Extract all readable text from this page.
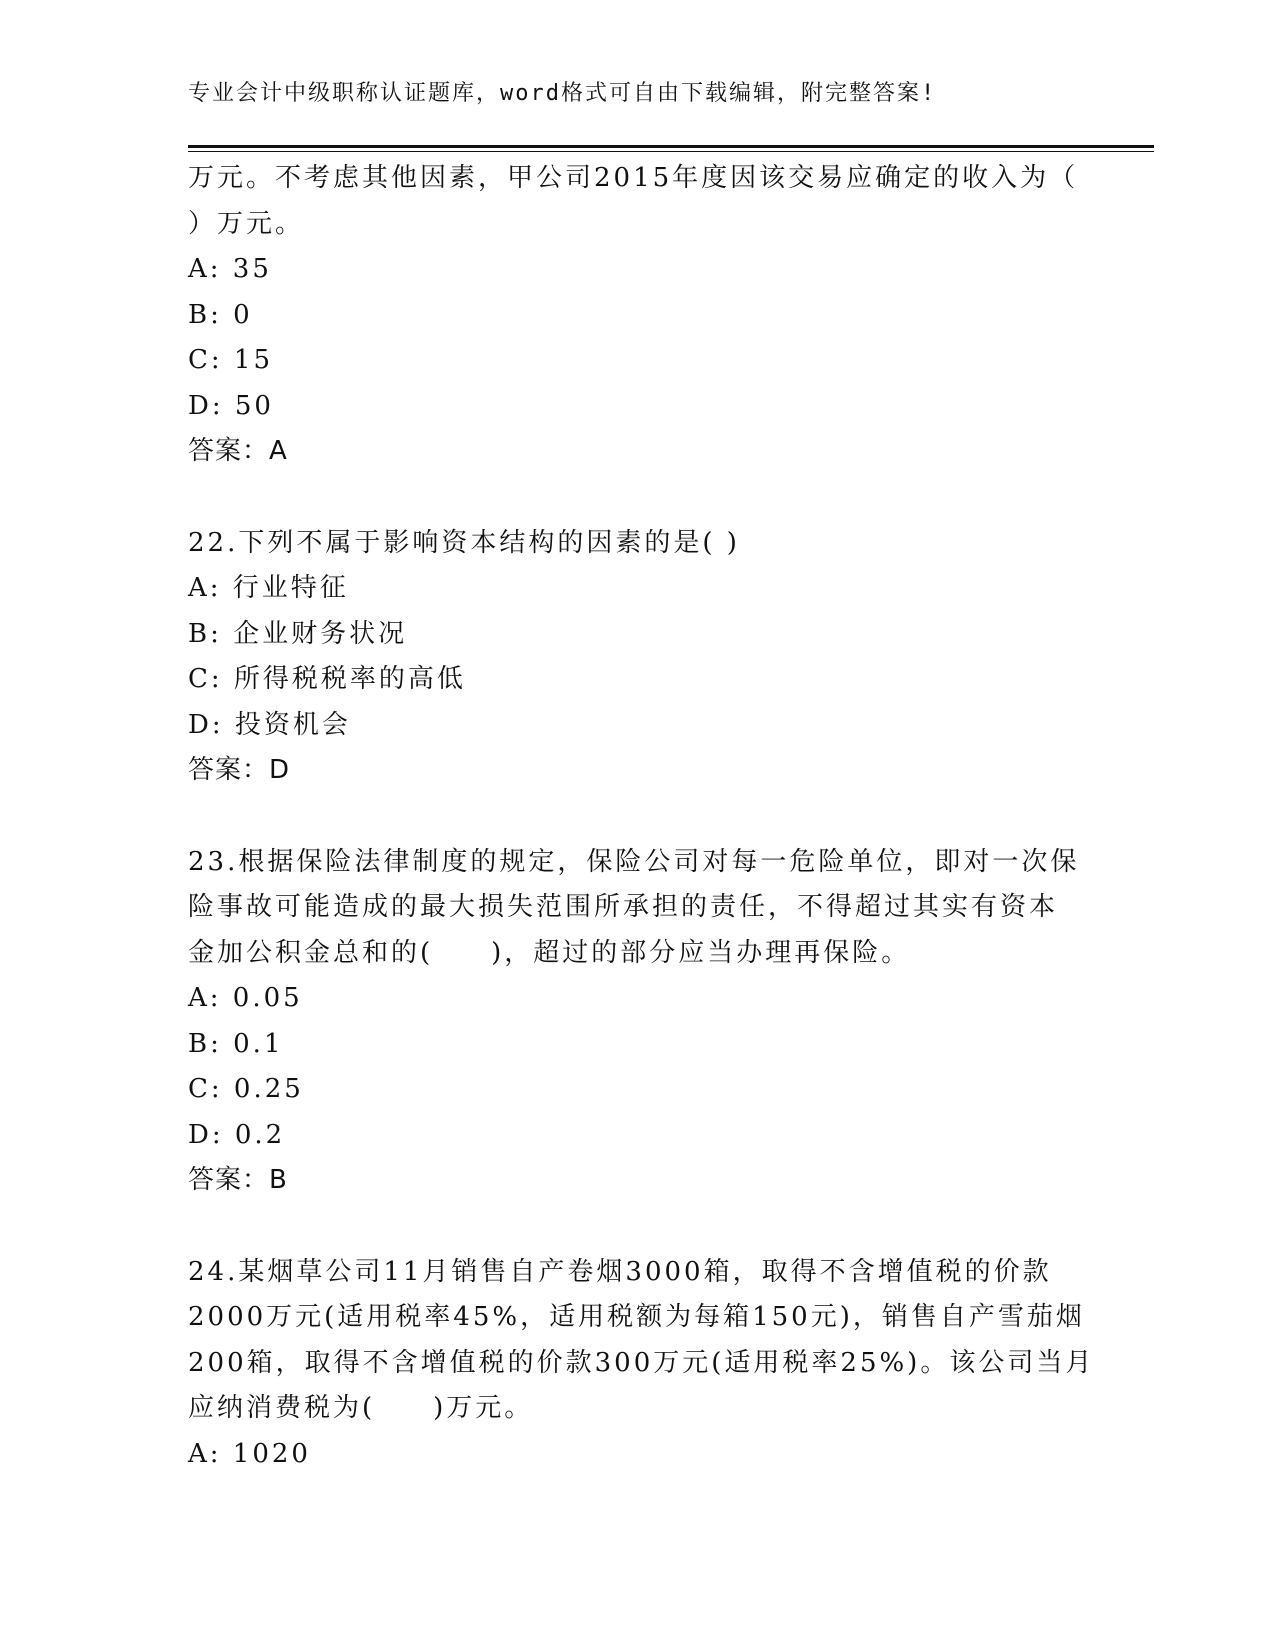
专业会计中级职称认证题库，word格式可自由下载编辑，附完整答案!
万元。不考虑其他因素，甲公司2015年度因该交易应确定的收入为（
）万元。
A: 35
B: 0
C: 15
D: 50
答案：A
22.下列不属于影响资本结构的因素的是( )
A: 行业特征
B: 企业财务状况
C: 所得税税率的高低
D: 投资机会
答案：D
23.根据保险法律制度的规定，保险公司对每一危险单位，即对一次保
险事故可能造成的最大损失范围所承担的责任，不得超过其实有资本
金加公积金总和的(　　)，超过的部分应当办理再保险。
A: 0.05
B: 0.1
C: 0.25
D: 0.2
答案：B
24.某烟草公司11月销售自产卷烟3000箱，取得不含增值税的价款
2000万元(适用税率45%，适用税额为每箱150元)，销售自产雪茄烟
200箱，取得不含增值税的价款300万元(适用税率25%)。该公司当月
应纳消费税为(　　)万元。
A: 1020
